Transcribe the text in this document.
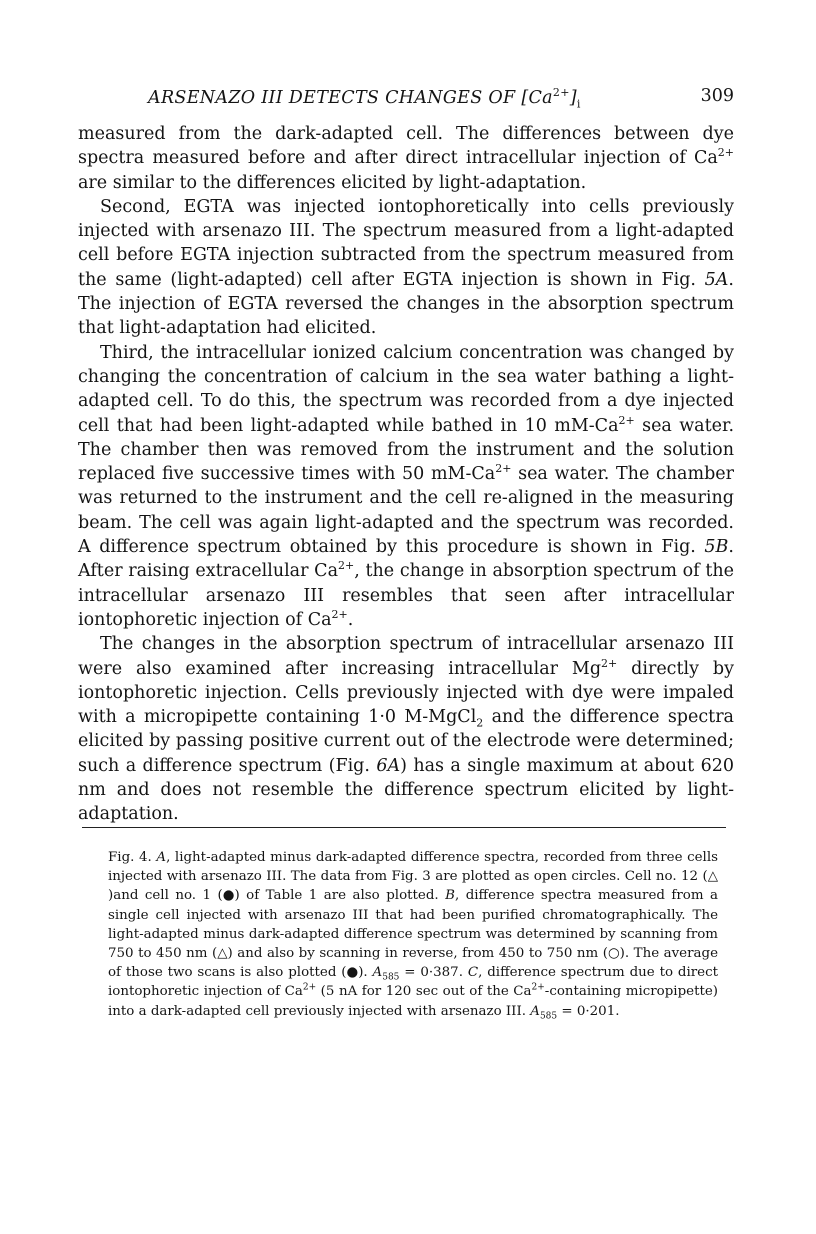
ARSENAZO III DETECTS CHANGES OF $[Ca^{2+}]_i$	309

measured from the dark-adapted cell. The differences between dye spectra measured before and after direct intracellular injection of $Ca^{2+}$ are similar to the differences elicited by light-adaptation.

Second, EGTA was injected iontophoretically into cells previously injected with arsenazo III. The spectrum measured from a light-adapted cell before EGTA injection subtracted from the spectrum measured from the same (light-adapted) cell after EGTA injection is shown in Fig. 5A. The injection of EGTA reversed the changes in the absorption spectrum that light-adaptation had elicited.

Third, the intracellular ionized calcium concentration was changed by changing the concentration of calcium in the sea water bathing a light-adapted cell. To do this, the spectrum was recorded from a dye injected cell that had been light-adapted while bathed in 10 $mM-Ca^{2+}$ sea water. The chamber then was removed from the instrument and the solution replaced five successive times with 50 $mM-Ca^{2+}$ sea water. The chamber was returned to the instrument and the cell re-aligned in the measuring beam. The cell was again light-adapted and the spectrum was recorded. A difference spectrum obtained by this procedure is shown in Fig. 5B. After raising extracellular $Ca^{2+}$, the change in absorption spectrum of the intracellular arsenazo III resembles that seen after intracellular iontophoretic injection of $Ca^{2+}$.

The changes in the absorption spectrum of intracellular arsenazo III were also examined after increasing intracellular $Mg^{2+}$ directly by iontophoretic injection. Cells previously injected with dye were impaled with a micropipette containing 1·0 M-MgCl$_2$ and the difference spectra elicited by passing positive current out of the electrode were determined; such a difference spectrum (Fig. 6A) has a single maximum at about 620 nm and does not resemble the difference spectrum elicited by light-adaptation.

Fig. 4. A, light-adapted minus dark-adapted difference spectra, recorded from three cells injected with arsenazo III. The data from Fig. 3 are plotted as open circles. Cell no. 12 (△)and cell no. 1 (●) of Table 1 are also plotted. B, difference spectra measured from a single cell injected with arsenazo III that had been purified chromatographically. The light-adapted minus dark-adapted difference spectrum was determined by scanning from 750 to 450 nm (△) and also by scanning in reverse, from 450 to 750 nm (○). The average of those two scans is also plotted (●). $A_{585} = 0\cdot 387$. C, difference spectrum due to direct iontophoretic injection of $Ca^{2+}$ (5 nA for 120 sec out of the $Ca^{2+}$-containing micropipette) into a dark-adapted cell previously injected with arsenazo III. $A_{585} = 0\cdot 201$.
